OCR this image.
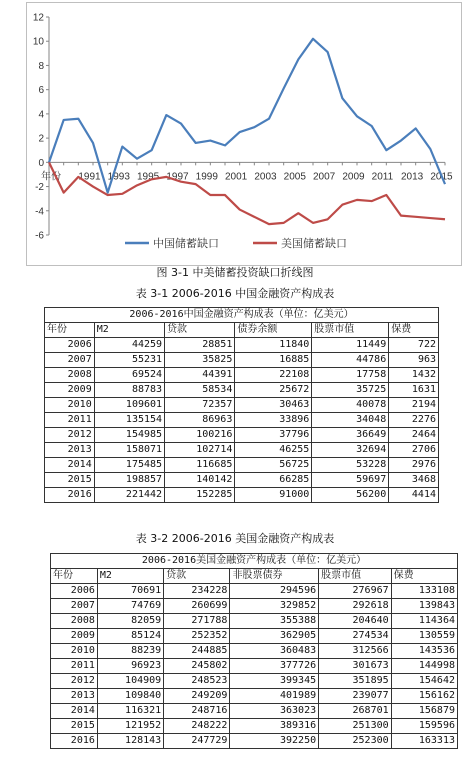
12
10
8
6
4
2
0
-2
-4
-6
年份 1991 1993 1995 1997 1999 2001 2003 2005 2007 2009 2011 2013 2015
中国储蓄缺口	美国储蓄缺口
图 3-1 中美储蓄投资缺口折线图
表 3-1 2006-2016 中国金融资产构成表
2006-2016中国金融资产构成表（单位：亿美元）					
年份	M2	贷款	债券余额	股票市值	保费
2006	44259	28851	11840	11449	722
2007	55231	35825	16885	44786	963
2008	69524	44391	22108	17758	1432
2009	88783	58534	25672	35725	1631
2010	109601	72357	30463	40078	2194
2011	135154	86963	33896	34048	2276
2012	154985	100216	37796	36649	2464
2013	158071	102714	46255	32694	2706
2014	175485	116685	56725	53228	2976
2015	198857	140142	66285	59697	3468
2016	221442	152285	91000	56200	4414
表 3-2 2006-2016 美国金融资产构成表
2006-2016美国金融资产构成表（单位：亿美元）					
年份	M2	贷款	非股票债券	股票市值	保费
2006	70691	234228	294596	276967	133108
2007	74769	260699	329852	292618	139843
2008	82059	271788	355388	204640	114364
2009	85124	252352	362905	274534	130559
2010	88239	244885	360483	312566	143536
2011	96923	245802	377726	301673	144998
2012	104909	248523	399345	351895	154642
2013	109840	249209	401989	239077	156162
2014	116321	248716	363023	268701	156879
2015	121952	248222	389316	251300	159596
2016	128143	247729	392250	252300	163313
